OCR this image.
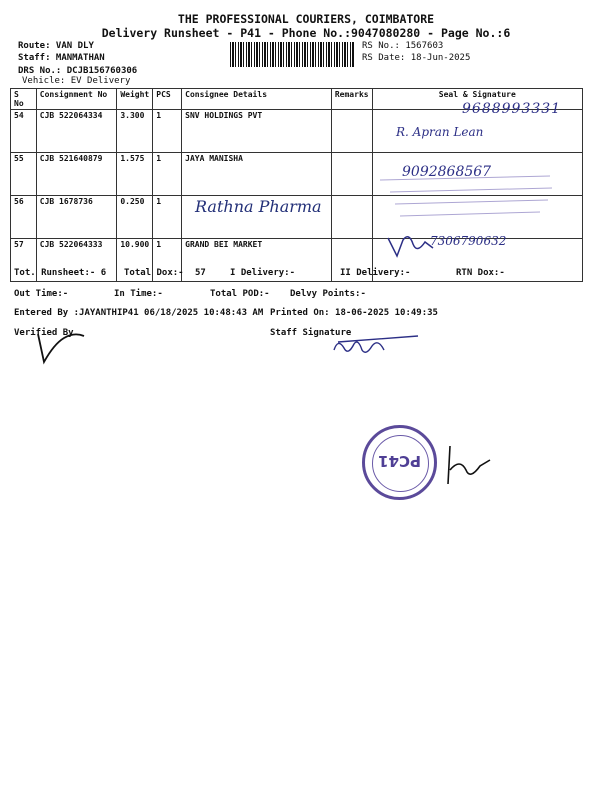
THE PROFESSIONAL COURIERS, COIMBATORE
Delivery Runsheet - P41 - Phone No.:9047080280 - Page No.:6
Route: VAN DLY
Staff: MANMATHAN
DRS No.: DCJB156760306
Vehicle: EV Delivery
RS No.: 1567603
RS Date: 18-Jun-2025
S No	Consignment No	Weight	PCS	Consignee Details	Remarks	Seal & Signature
54	CJB 522064334	3.300	1	SNV HOLDINGS PVT		
55	CJB 521640879	1.575	1	JAYA MANISHA		
56	CJB 1678736	0.250	1			
57	CJB 522064333	10.900	1	GRAND BEI MARKET		
9688993331
R. Apran Lean
9092868567
Rathna Pharma
7306790632
Tot. Runsheet:- 6 Total Dox:- 57	I Delivery:-	II Delivery:-	RTN Dox:-
Out Time:-	In Time:-	Total POD:- Delvy Points:-
Entered By :JAYANTHIP41 06/18/2025 10:48:43 AM Printed On: 18-06-2025 10:49:35
Verified By	Staff Signature
PC41
